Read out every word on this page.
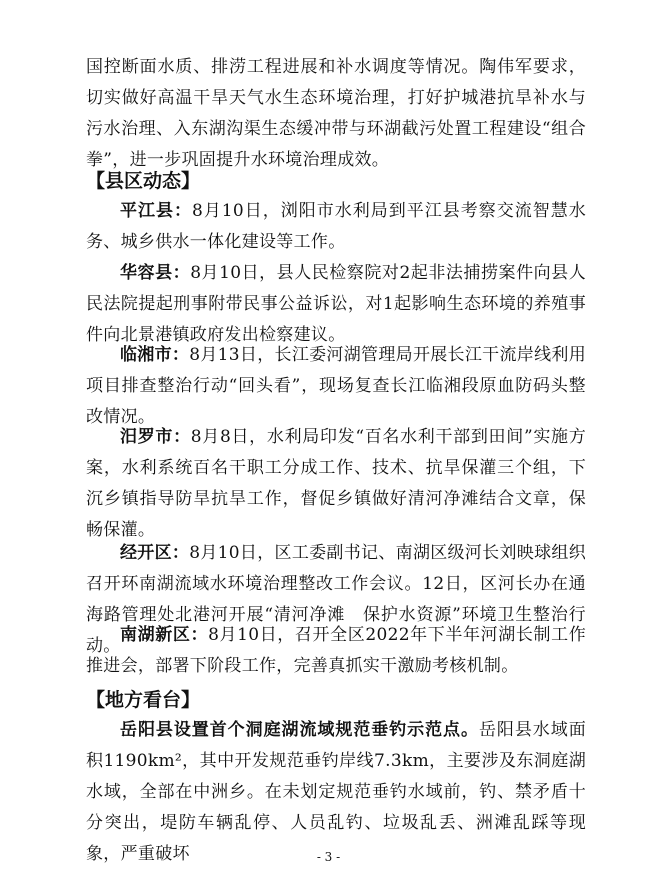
国控断面水质、排涝工程进展和补水调度等情况。陶伟军要求，切实做好高温干旱天气水生态环境治理，打好护城港抗旱补水与污水治理、入东湖沟渠生态缓冲带与环湖截污处置工程建设“组合拳”，进一步巩固提升水环境治理成效。

【县区动态】

平江县：8月10日，浏阳市水利局到平江县考察交流智慧水务、城乡供水一体化建设等工作。

华容县：8月10日，县人民检察院对2起非法捕捞案件向县人民法院提起刑事附带民事公益诉讼，对1起影响生态环境的养殖事件向北景港镇政府发出检察建议。

临湘市：8月13日，长江委河湖管理局开展长江干流岸线利用项目排查整治行动“回头看”，现场复查长江临湘段原血防码头整改情况。

汨罗市：8月8日，水利局印发“百名水利干部到田间”实施方案，水利系统百名干职工分成工作、技术、抗旱保灌三个组，下沉乡镇指导防旱抗旱工作，督促乡镇做好清河净滩结合文章，保畅保灌。

经开区：8月10日，区工委副书记、南湖区级河长刘映球组织召开环南湖流域水环境治理整改工作会议。12日，区河长办在通海路管理处北港河开展“清河净滩　保护水资源”环境卫生整治行动。

南湖新区：8月10日，召开全区2022年下半年河湖长制工作推进会，部署下阶段工作，完善真抓实干激励考核机制。

【地方看台】

岳阳县设置首个洞庭湖流域规范垂钓示范点。岳阳县水域面积1190km²，其中开发规范垂钓岸线7.3km，主要涉及东洞庭湖水域，全部在中洲乡。在未划定规范垂钓水域前，钓、禁矛盾十分突出，堤防车辆乱停、人员乱钓、垃圾乱丢、洲滩乱踩等现象，严重破坏	- 3 -
